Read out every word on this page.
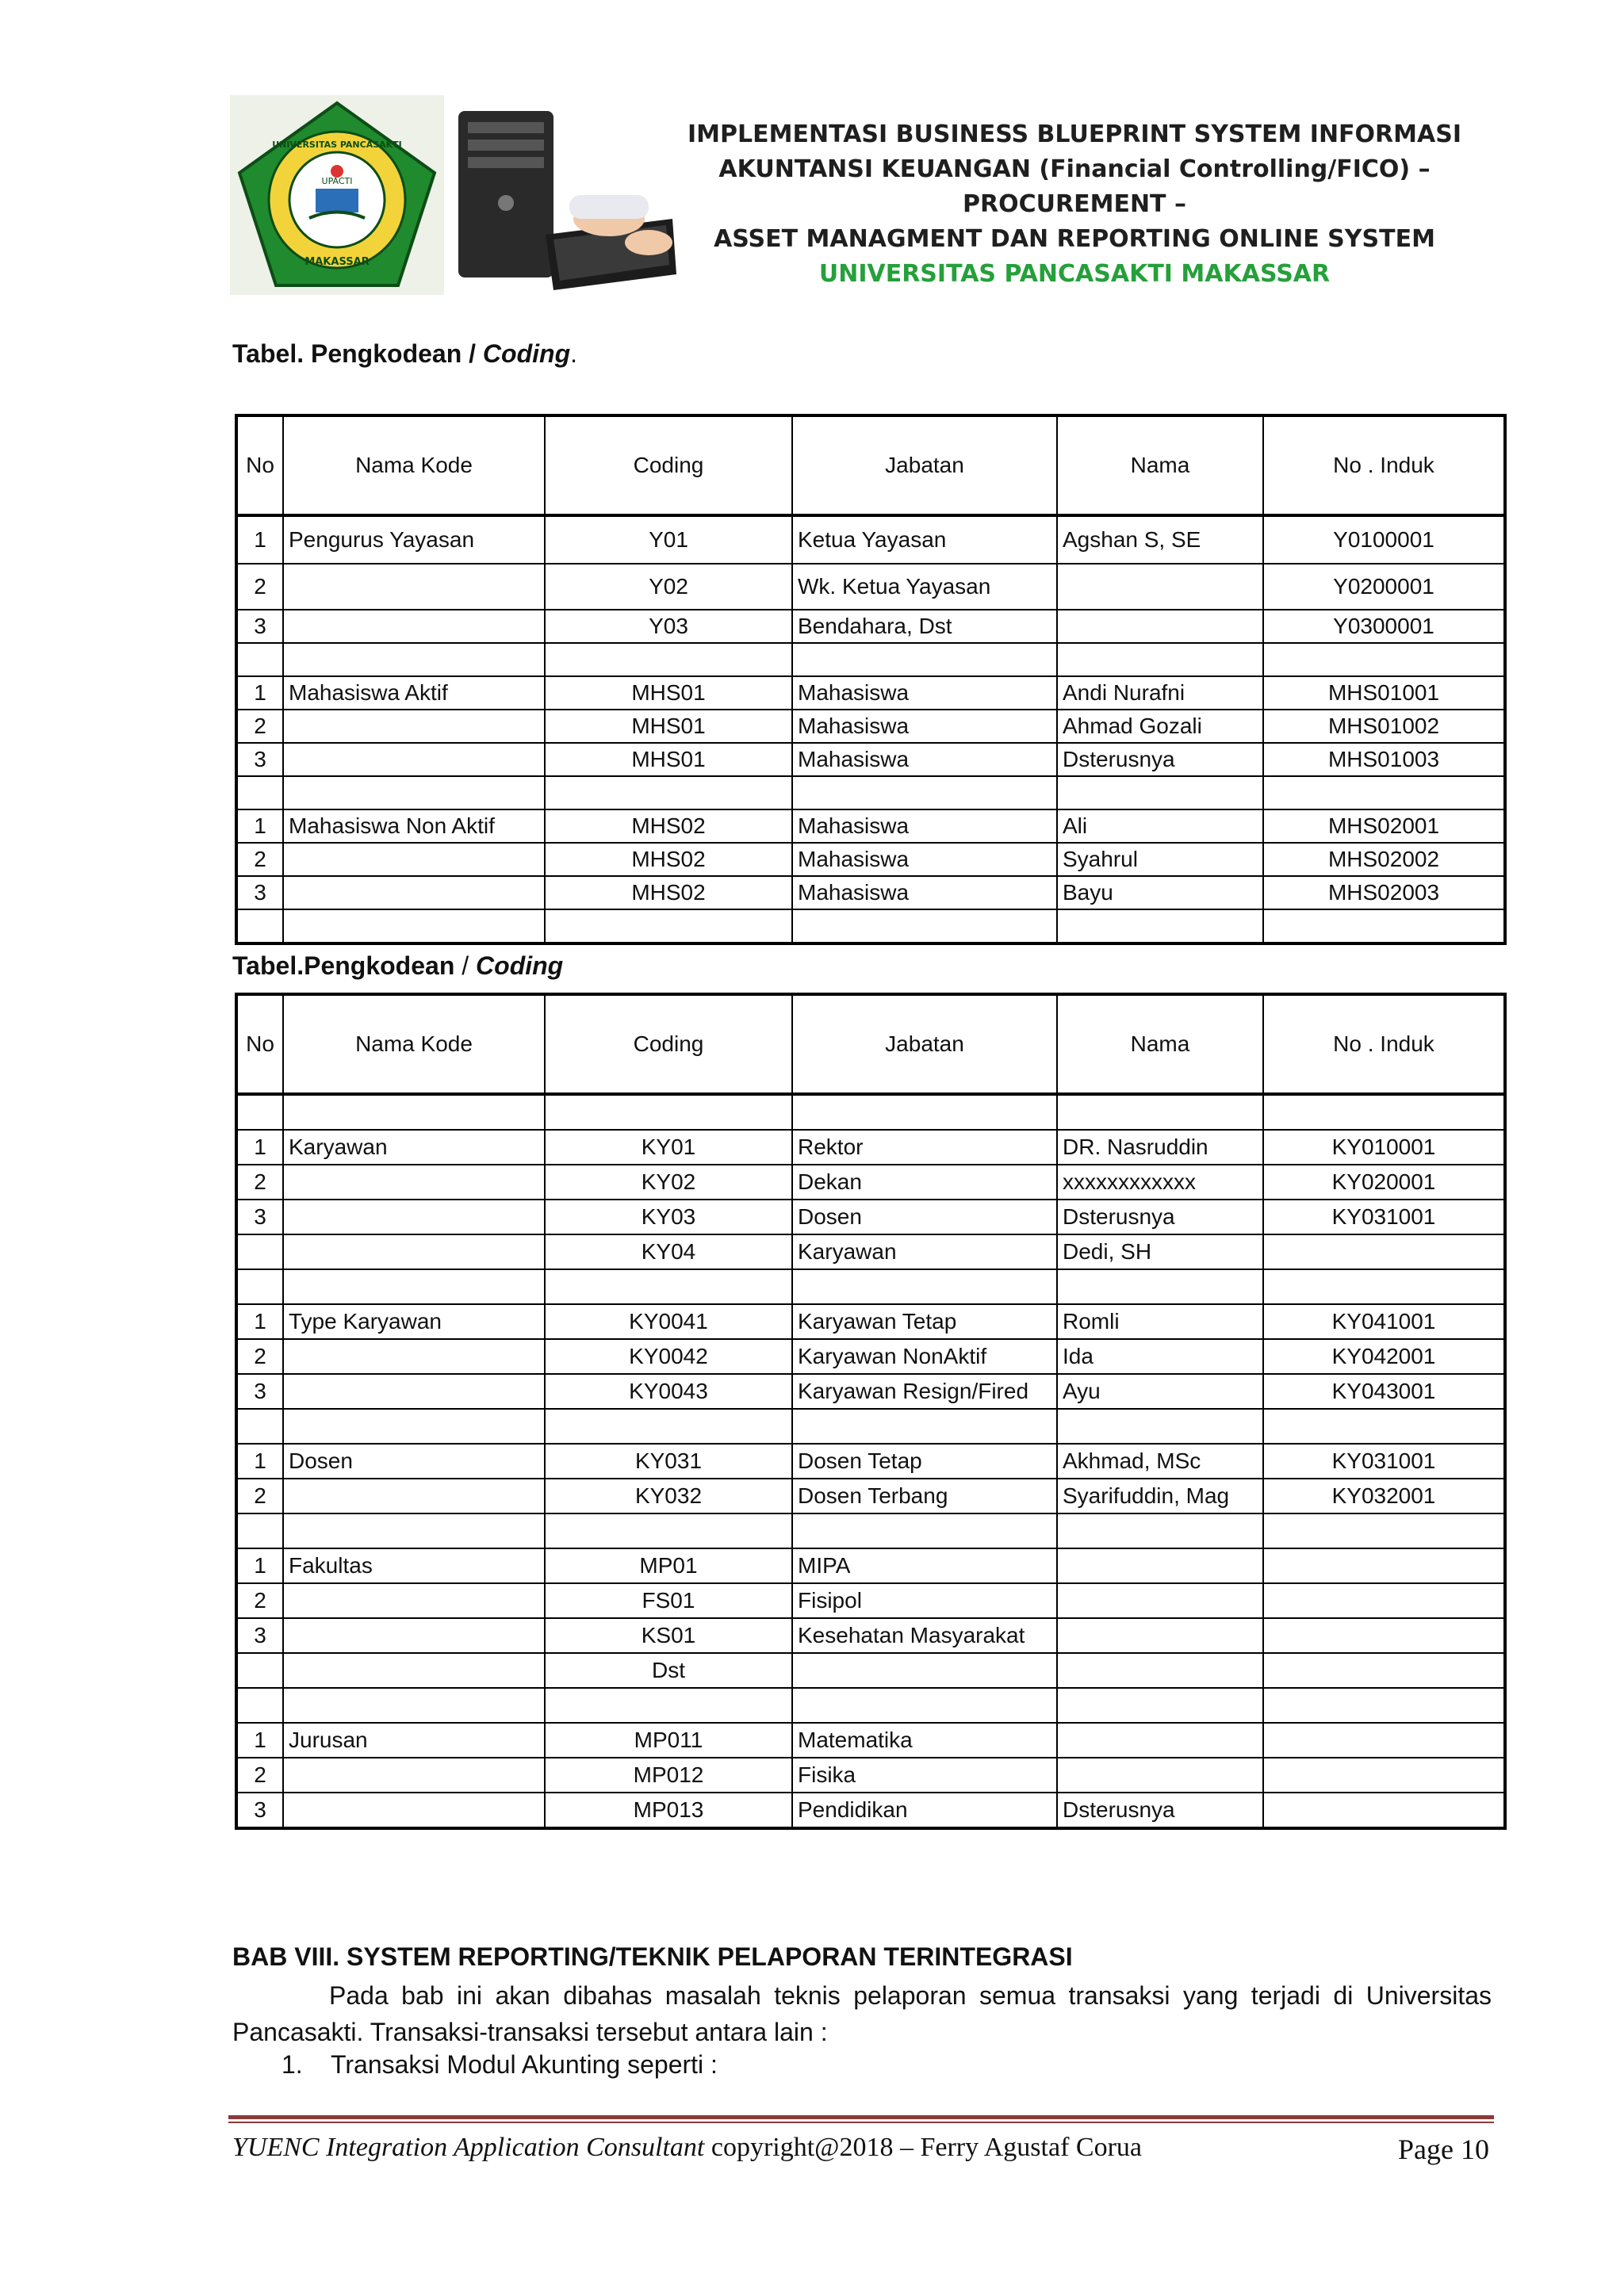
UPACTI
UNIVERSITAS PANCASAKTI
MAKASSAR
IMPLEMENTASI BUSINESS BLUEPRINT SYSTEM INFORMASI
AKUNTANSI KEUANGAN (Financial Controlling/FICO) – PROCUREMENT –
ASSET MANAGMENT DAN REPORTING ONLINE SYSTEM
UNIVERSITAS PANCASAKTI MAKASSAR
Tabel. Pengkodean / Coding.
No	Nama Kode	Coding	Jabatan	Nama	No . Induk
1	Pengurus Yayasan	Y01	Ketua Yayasan	Agshan S, SE	Y0100001
2		Y02	Wk. Ketua Yayasan		Y0200001
3		Y03	Bendahara, Dst		Y0300001

1	Mahasiswa Aktif	MHS01	Mahasiswa	Andi Nurafni	MHS01001
2		MHS01	Mahasiswa	Ahmad Gozali	MHS01002
3		MHS01	Mahasiswa	Dsterusnya	MHS01003

1	Mahasiswa Non Aktif	MHS02	Mahasiswa	Ali	MHS02001
2		MHS02	Mahasiswa	Syahrul	MHS02002
3		MHS02	Mahasiswa	Bayu	MHS02003

Tabel.Pengkodean / Coding
No	Nama Kode	Coding	Jabatan	Nama	No . Induk

1	Karyawan	KY01	Rektor	DR. Nasruddin	KY010001
2		KY02	Dekan	xxxxxxxxxxxx	KY020001
3		KY03	Dosen	Dsterusnya	KY031001
		KY04	Karyawan	Dedi, SH	

1	Type Karyawan	KY0041	Karyawan Tetap	Romli	KY041001
2		KY0042	Karyawan NonAktif	Ida	KY042001
3		KY0043	Karyawan Resign/Fired	Ayu	KY043001

1	Dosen	KY031	Dosen Tetap	Akhmad, MSc	KY031001
2		KY032	Dosen Terbang	Syarifuddin, Mag	KY032001

1	Fakultas	MP01	MIPA		
2		FS01	Fisipol		
3		KS01	Kesehatan Masyarakat		
		Dst			

1	Jurusan	MP011	Matematika		
2		MP012	Fisika		
3		MP013	Pendidikan	Dsterusnya	
BAB VIII. SYSTEM REPORTING/TEKNIK PELAPORAN TERINTEGRASI
Pada bab ini akan dibahas masalah teknis pelaporan semua transaksi yang terjadi di Universitas Pancasakti. Transaksi-transaksi tersebut antara lain :
1. Transaksi Modul Akunting seperti :
YUENC Integration Application Consultant copyright@2018 – Ferry Agustaf Corua	Page 10
